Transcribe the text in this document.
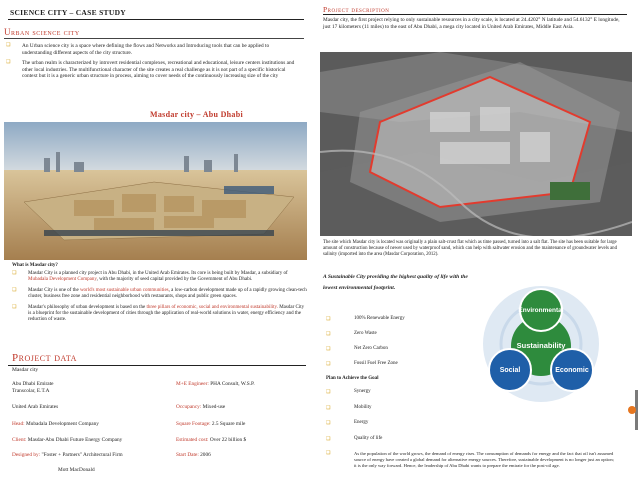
SCIENCE CITY – CASE STUDY
Urban science city
❑ An Urban science city is a space where defining the flows and Networks and Introducing tools that can be applied to understanding different aspects of the city structure.
❑ The urban realm is characterized by introvert residential complexes, recreational and educational, leisure centers institutions and other local industries. The multifunctional character of the site creates a real challenge as it is not part of a specific historical context but it is a generic urban structure in process, aiming to cover needs of the continuously increasing size of the city
Masdar city – Abu Dhabi
What is Masdar city?
❑ Masdar City is a planned city project in Abu Dhabi, in the United Arab Emirates. Its core is being built by Masdar, a subsidiary of Mubadala Development Company, with the majority of seed capital provided by the Government of Abu Dhabi.
❑ Masdar City is one of the world's most sustainable urban communities, a low-carbon development made up of a rapidly growing clean-tech cluster, business free zone and residential neighborhood with restaurants, shops and public green spaces.
❑ Masdar's philosophy of urban development is based on the three pillars of economic, social and environmental sustainability. Masdar City is a blueprint for the sustainable development of cities through the application of real-world solutions in water, energy efficiency and the reduction of waste.
Project data
Masdar city
Abu Dhabi Emirate
Transcolar, E.T.A
United Arab Emirates
Head: Mubadala Development Company
Client: Masdar-Abu Dhabi Future Energy Company
Designed by: "Foster + Partners" Architectural Firm
Mott MacDonald
M+E Engineer: PHA Consult, W.S.P.
Occupancy: Mixed-use
Square Footage: 2.5 Square mile
Estimated cost: Over 22 billion $
Start Date: 2006
Project description
Masdar city, the first project relying to only sustainable resources in a city scale, is located at 24.4202° N latitude and 54.6132° E longitude, just 17 kilometers (11 miles) to the east of Abu Dhabi, a mega city located in United Arab Emirates, Middle East Asia.
The site which Masdar city is located was originally a plain salt-crust flat which as time passed, turned into a salt flat. The site has been suitable for large amount of construction because of newer used by waterproof sand, which can help with saltwater erosion and the maintenance of groundwater levels and salinity (imported into the area (Masdar Corporation, 2012).
A Sustainable City providing the highest quality of life with the lowest environmental footprint.
❑ 100% Renewable Energy
❑ Zero Waste
❑ Net Zero Carbon
❑ Fossil Fuel Free Zone
Plan to Achieve the Goal
❑ Synergy
❑ Mobility
❑ Energy
❑ Quality of life
❑ As the population of the world grows, the demand of energy rises. The consumption of demands for energy and the fact that oil isn't assumed source of energy have created a global demand for alternative energy sources. Therefore, sustainable development is no longer just an option; it is the only way forward. Hence, the leadership of Abu Dhabi wants to prepare the emirate for the post-oil age.
Environmental
Sustainability
Social	Economic
